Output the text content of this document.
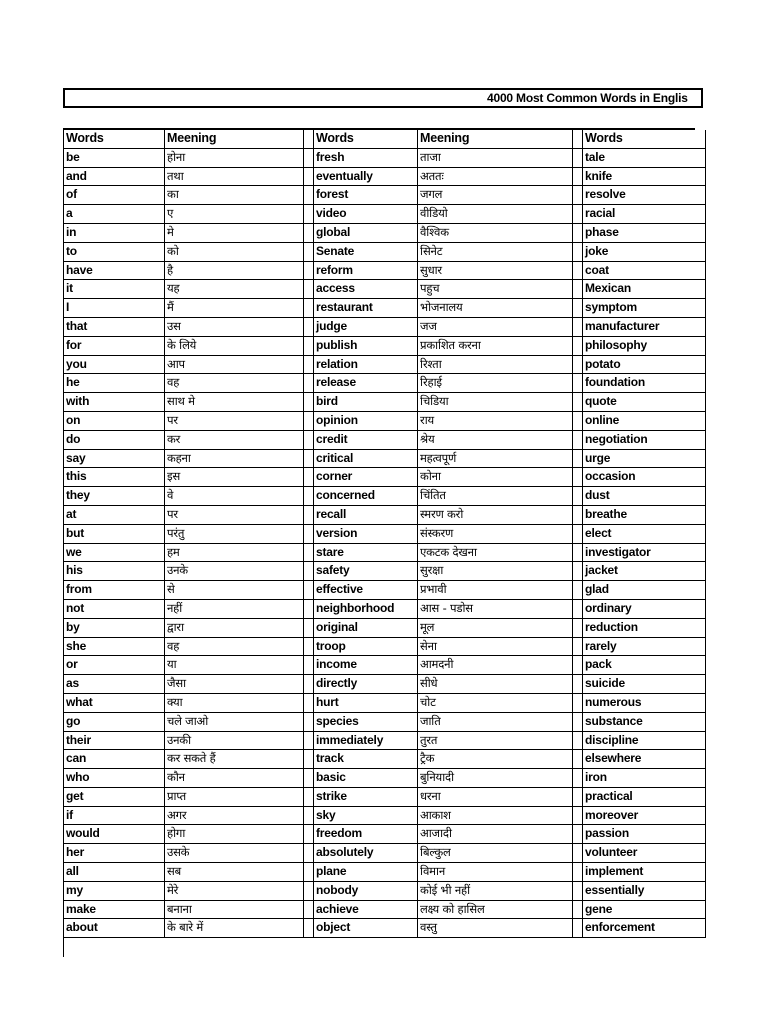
4000 Most Common Words in Englis
Words	Meening	Words	Meening	Words
be	होना	fresh	ताजा	tale
and	तथा	eventually	अततः	knife
of	का	forest	जगल	resolve
a	ए	video	वीडियो	racial
in	मे	global	वैश्विक	phase
to	को	Senate	सिनेट	joke
have	है	reform	सुधार	coat
it	यह	access	पहुच	Mexican
I	मैं	restaurant	भोजनालय	symptom
that	उस	judge	जज	manufacturer
for	के लिये	publish	प्रकाशित करना	philosophy
you	आप	relation	रिश्ता	potato
he	वह	release	रिहाई	foundation
with	साथ मे	bird	चिडिया	quote
on	पर	opinion	राय	online
do	कर	credit	श्रेय	negotiation
say	कहना	critical	महत्वपूर्ण	urge
this	इस	corner	कोना	occasion
they	वे	concerned	चिंतित	dust
at	पर	recall	स्मरण करो	breathe
but	परंतु	version	संस्करण	elect
we	हम	stare	एकटक देखना	investigator
his	उनके	safety	सुरक्षा	jacket
from	से	effective	प्रभावी	glad
not	नहीं	neighborhood	आस - पडोस	ordinary
by	द्वारा	original	मूल	reduction
she	वह	troop	सेना	rarely
or	या	income	आमदनी	pack
as	जैसा	directly	सीधे	suicide
what	क्या	hurt	चोट	numerous
go	चले जाओ	species	जाति	substance
their	उनकी	immediately	तुरत	discipline
can	कर सकते हैं	track	ट्रैक	elsewhere
who	कौन	basic	बुनियादी	iron
get	प्राप्त	strike	धरना	practical
if	अगर	sky	आकाश	moreover
would	होगा	freedom	आजादी	passion
her	उसके	absolutely	बिल्कुल	volunteer
all	सब	plane	विमान	implement
my	मेरे	nobody	कोई भी नहीं	essentially
make	बनाना	achieve	लक्ष्य को हासिल	gene
about	के बारे में	object	वस्तु	enforcement
